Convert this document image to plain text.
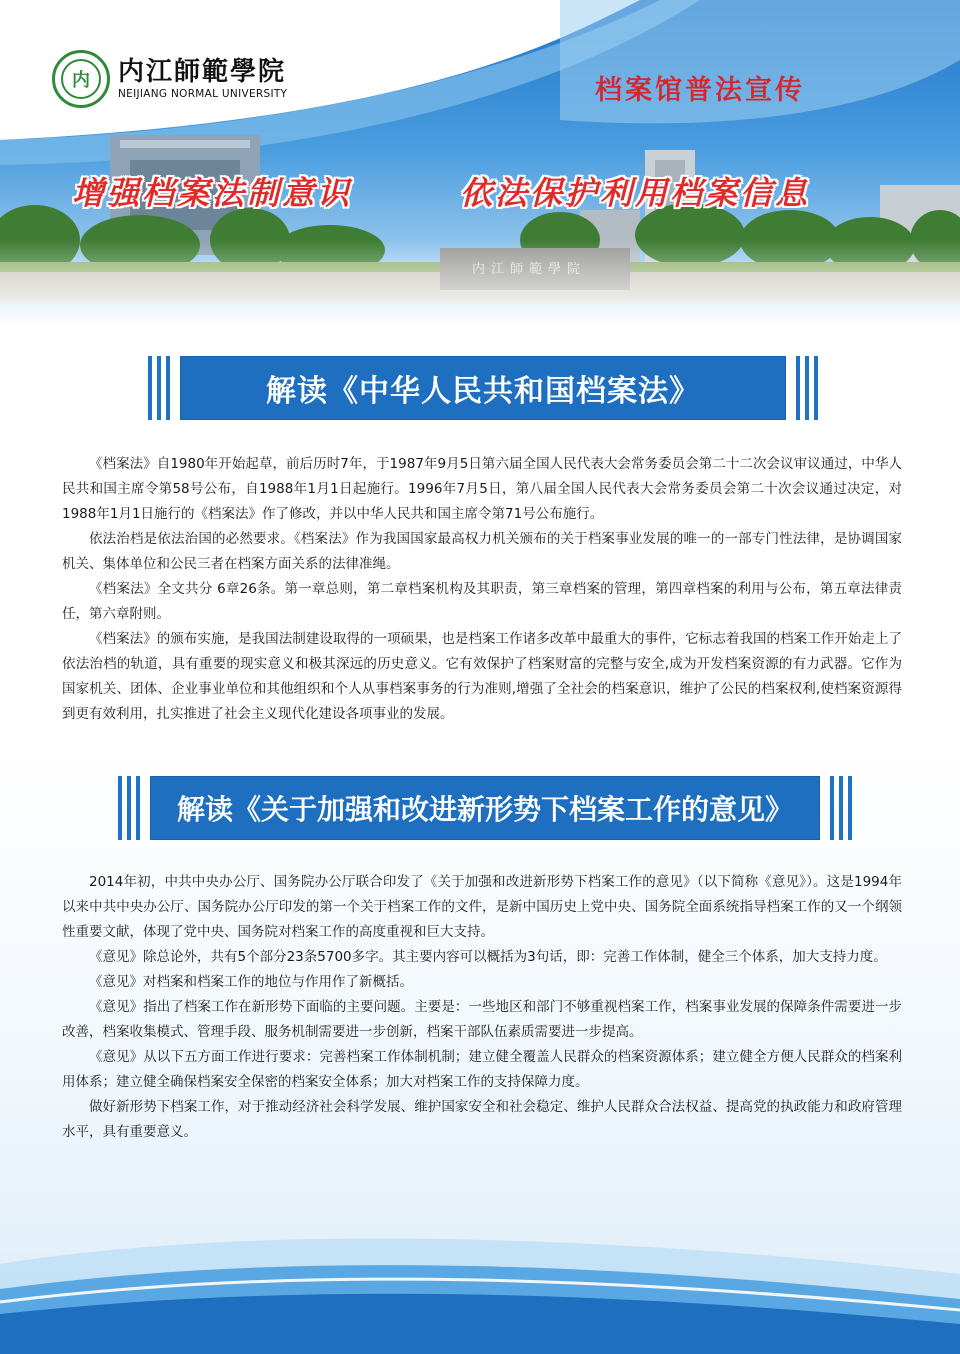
内江師範學院
内	内江師範學院
NEIJIANG NORMAL UNIVERSITY	档案馆普法宣传
增强档案法制意识	依法保护利用档案信息
解读《中华人民共和国档案法》

《档案法》自1980年开始起草，前后历时7年，于1987年9月5日第六届全国人民代表大会常务委员会第二十二次会议审议通过，中华人民共和国主席令第58号公布，自1988年1月1日起施行。1996年7月5日，第八届全国人民代表大会常务委员会第二十次会议通过决定，对1988年1月1日施行的《档案法》作了修改，并以中华人民共和国主席令第71号公布施行。

依法治档是依法治国的必然要求。《档案法》作为我国国家最高权力机关颁布的关于档案事业发展的唯一的一部专门性法律，是协调国家机关、集体单位和公民三者在档案方面关系的法律准绳。

《档案法》全文共分 6章26条。第一章总则，第二章档案机构及其职责，第三章档案的管理，第四章档案的利用与公布，第五章法律责任，第六章附则。

《档案法》的颁布实施，是我国法制建设取得的一项硕果，也是档案工作诸多改革中最重大的事件，它标志着我国的档案工作开始走上了依法治档的轨道，具有重要的现实意义和极其深远的历史意义。它有效保护了档案财富的完整与安全,成为开发档案资源的有力武器。它作为国家机关、团体、企业事业单位和其他组织和个人从事档案事务的行为准则,增强了全社会的档案意识，维护了公民的档案权利,使档案资源得到更有效利用，扎实推进了社会主义现代化建设各项事业的发展。

解读《关于加强和改进新形势下档案工作的意见》

2014年初，中共中央办公厅、国务院办公厅联合印发了《关于加强和改进新形势下档案工作的意见》（以下简称《意见》）。这是1994年以来中共中央办公厅、国务院办公厅印发的第一个关于档案工作的文件，是新中国历史上党中央、国务院全面系统指导档案工作的又一个纲领性重要文献，体现了党中央、国务院对档案工作的高度重视和巨大支持。

《意见》除总论外，共有5个部分23条5700多字。其主要内容可以概括为3句话，即：完善工作体制，健全三个体系，加大支持力度。

《意见》对档案和档案工作的地位与作用作了新概括。

《意见》指出了档案工作在新形势下面临的主要问题。主要是：一些地区和部门不够重视档案工作，档案事业发展的保障条件需要进一步改善，档案收集模式、管理手段、服务机制需要进一步创新，档案干部队伍素质需要进一步提高。

《意见》从以下五方面工作进行要求：完善档案工作体制机制；建立健全覆盖人民群众的档案资源体系；建立健全方便人民群众的档案利用体系；建立健全确保档案安全保密的档案安全体系；加大对档案工作的支持保障力度。

做好新形势下档案工作，对于推动经济社会科学发展、维护国家安全和社会稳定、维护人民群众合法权益、提高党的执政能力和政府管理水平，具有重要意义。
